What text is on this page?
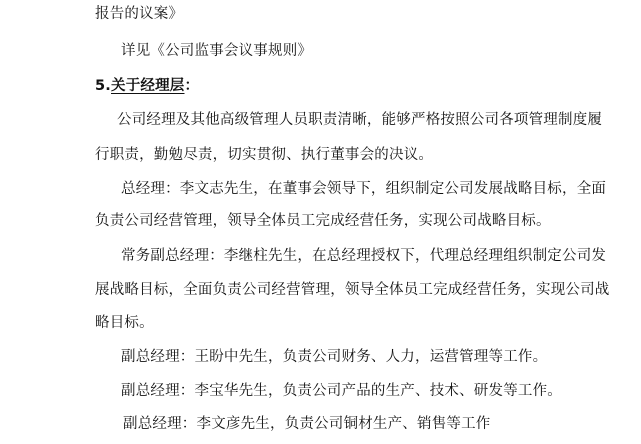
报告的议案》
详见《公司监事会议事规则》
5.关于经理层：
公司经理及其他高级管理人员职责清晰，能够严格按照公司各项管理制度履
行职责，勤勉尽责，切实贯彻、执行董事会的决议。
总经理：李文志先生，在董事会领导下，组织制定公司发展战略目标，全面
负责公司经营管理，领导全体员工完成经营任务，实现公司战略目标。
常务副总经理：李继柱先生，在总经理授权下，代理总经理组织制定公司发
展战略目标，全面负责公司经营管理，领导全体员工完成经营任务，实现公司战
略目标。
副总经理：王盼中先生，负责公司财务、人力，运营管理等工作。
副总经理：李宝华先生，负责公司产品的生产、技术、研发等工作。
副总经理：李文彦先生，负责公司铜材生产、销售等工作
